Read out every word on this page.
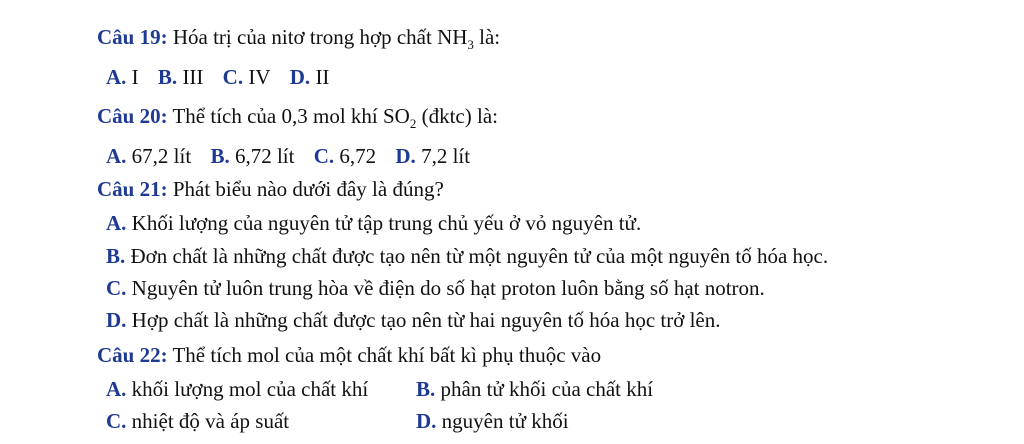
Câu 19: Hóa trị của nitơ trong hợp chất $NH_3$ là:
A. I B. III C. IV D. II
Câu 20: Thể tích của 0,3 mol khí $SO_2$ (đktc) là:
A. 67,2 lít B. 6,72 lít C. 6,72 D. 7,2 lít
Câu 21: Phát biểu nào dưới đây là đúng?
A. Khối lượng của nguyên tử tập trung chủ yếu ở vỏ nguyên tử.
B. Đơn chất là những chất được tạo nên từ một nguyên tử của một nguyên tố hóa học.
C. Nguyên tử luôn trung hòa về điện do số hạt proton luôn bằng số hạt notron.
D. Hợp chất là những chất được tạo nên từ hai nguyên tố hóa học trở lên.
Câu 22: Thể tích mol của một chất khí bất kì phụ thuộc vào
A. khối lượng mol của chất khí B. phân tử khối của chất khí
C. nhiệt độ và áp suất	D. nguyên tử khối
